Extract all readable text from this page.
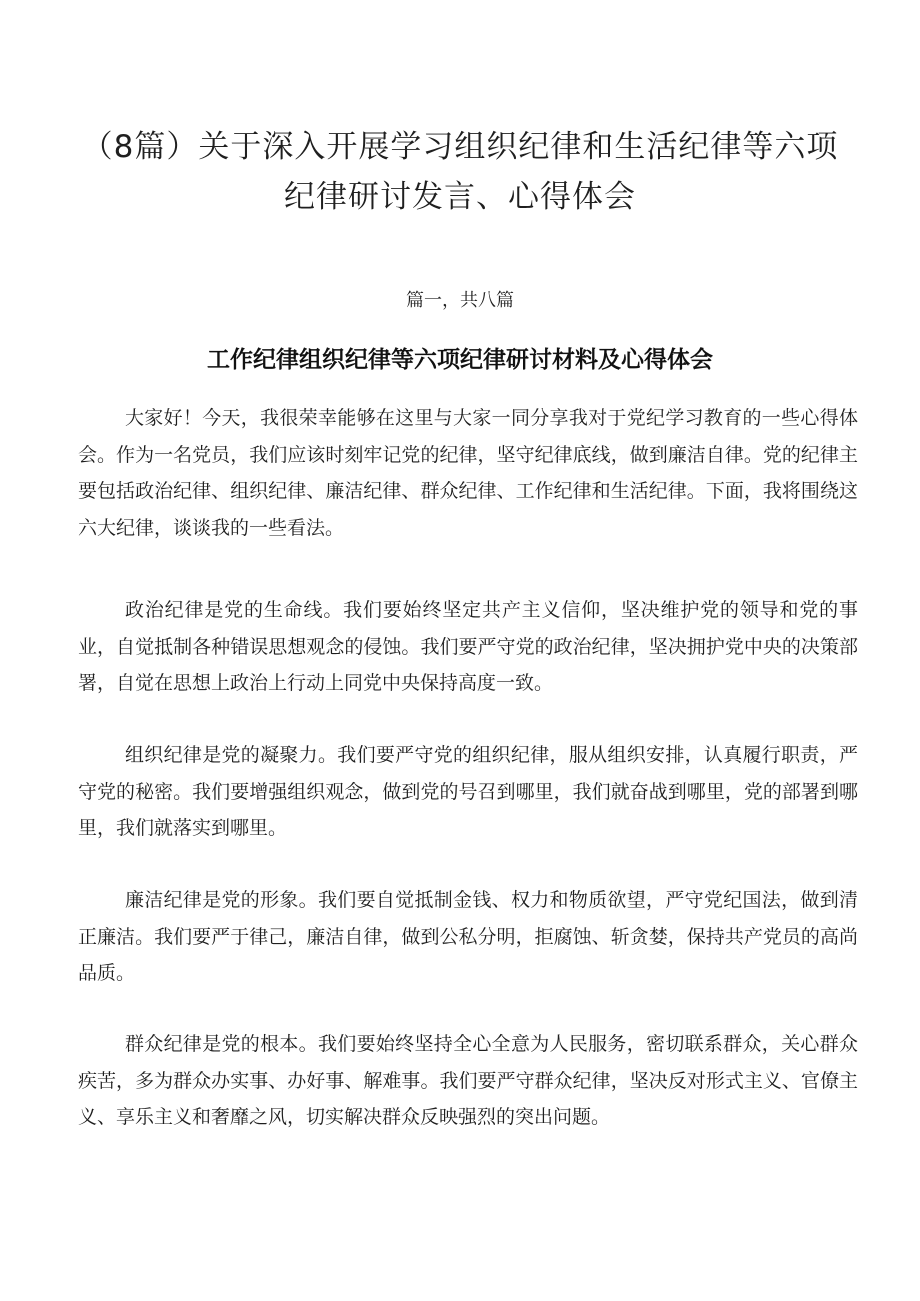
（8篇）关于深入开展学习组织纪律和生活纪律等六项纪律研讨发言、心得体会
篇一，共八篇
工作纪律组织纪律等六项纪律研讨材料及心得体会

大家好！今天，我很荣幸能够在这里与大家一同分享我对于党纪学习教育的一些心得体会。作为一名党员，我们应该时刻牢记党的纪律，坚守纪律底线，做到廉洁自律。党的纪律主要包括政治纪律、组织纪律、廉洁纪律、群众纪律、工作纪律和生活纪律。下面，我将围绕这六大纪律，谈谈我的一些看法。

政治纪律是党的生命线。我们要始终坚定共产主义信仰，坚决维护党的领导和党的事业，自觉抵制各种错误思想观念的侵蚀。我们要严守党的政治纪律，坚决拥护党中央的决策部署，自觉在思想上政治上行动上同党中央保持高度一致。

组织纪律是党的凝聚力。我们要严守党的组织纪律，服从组织安排，认真履行职责，严守党的秘密。我们要增强组织观念，做到党的号召到哪里，我们就奋战到哪里，党的部署到哪里，我们就落实到哪里。

廉洁纪律是党的形象。我们要自觉抵制金钱、权力和物质欲望，严守党纪国法，做到清正廉洁。我们要严于律己，廉洁自律，做到公私分明，拒腐蚀、斩贪婪，保持共产党员的高尚品质。

群众纪律是党的根本。我们要始终坚持全心全意为人民服务，密切联系群众，关心群众疾苦，多为群众办实事、办好事、解难事。我们要严守群众纪律，坚决反对形式主义、官僚主义、享乐主义和奢靡之风，切实解决群众反映强烈的突出问题。
